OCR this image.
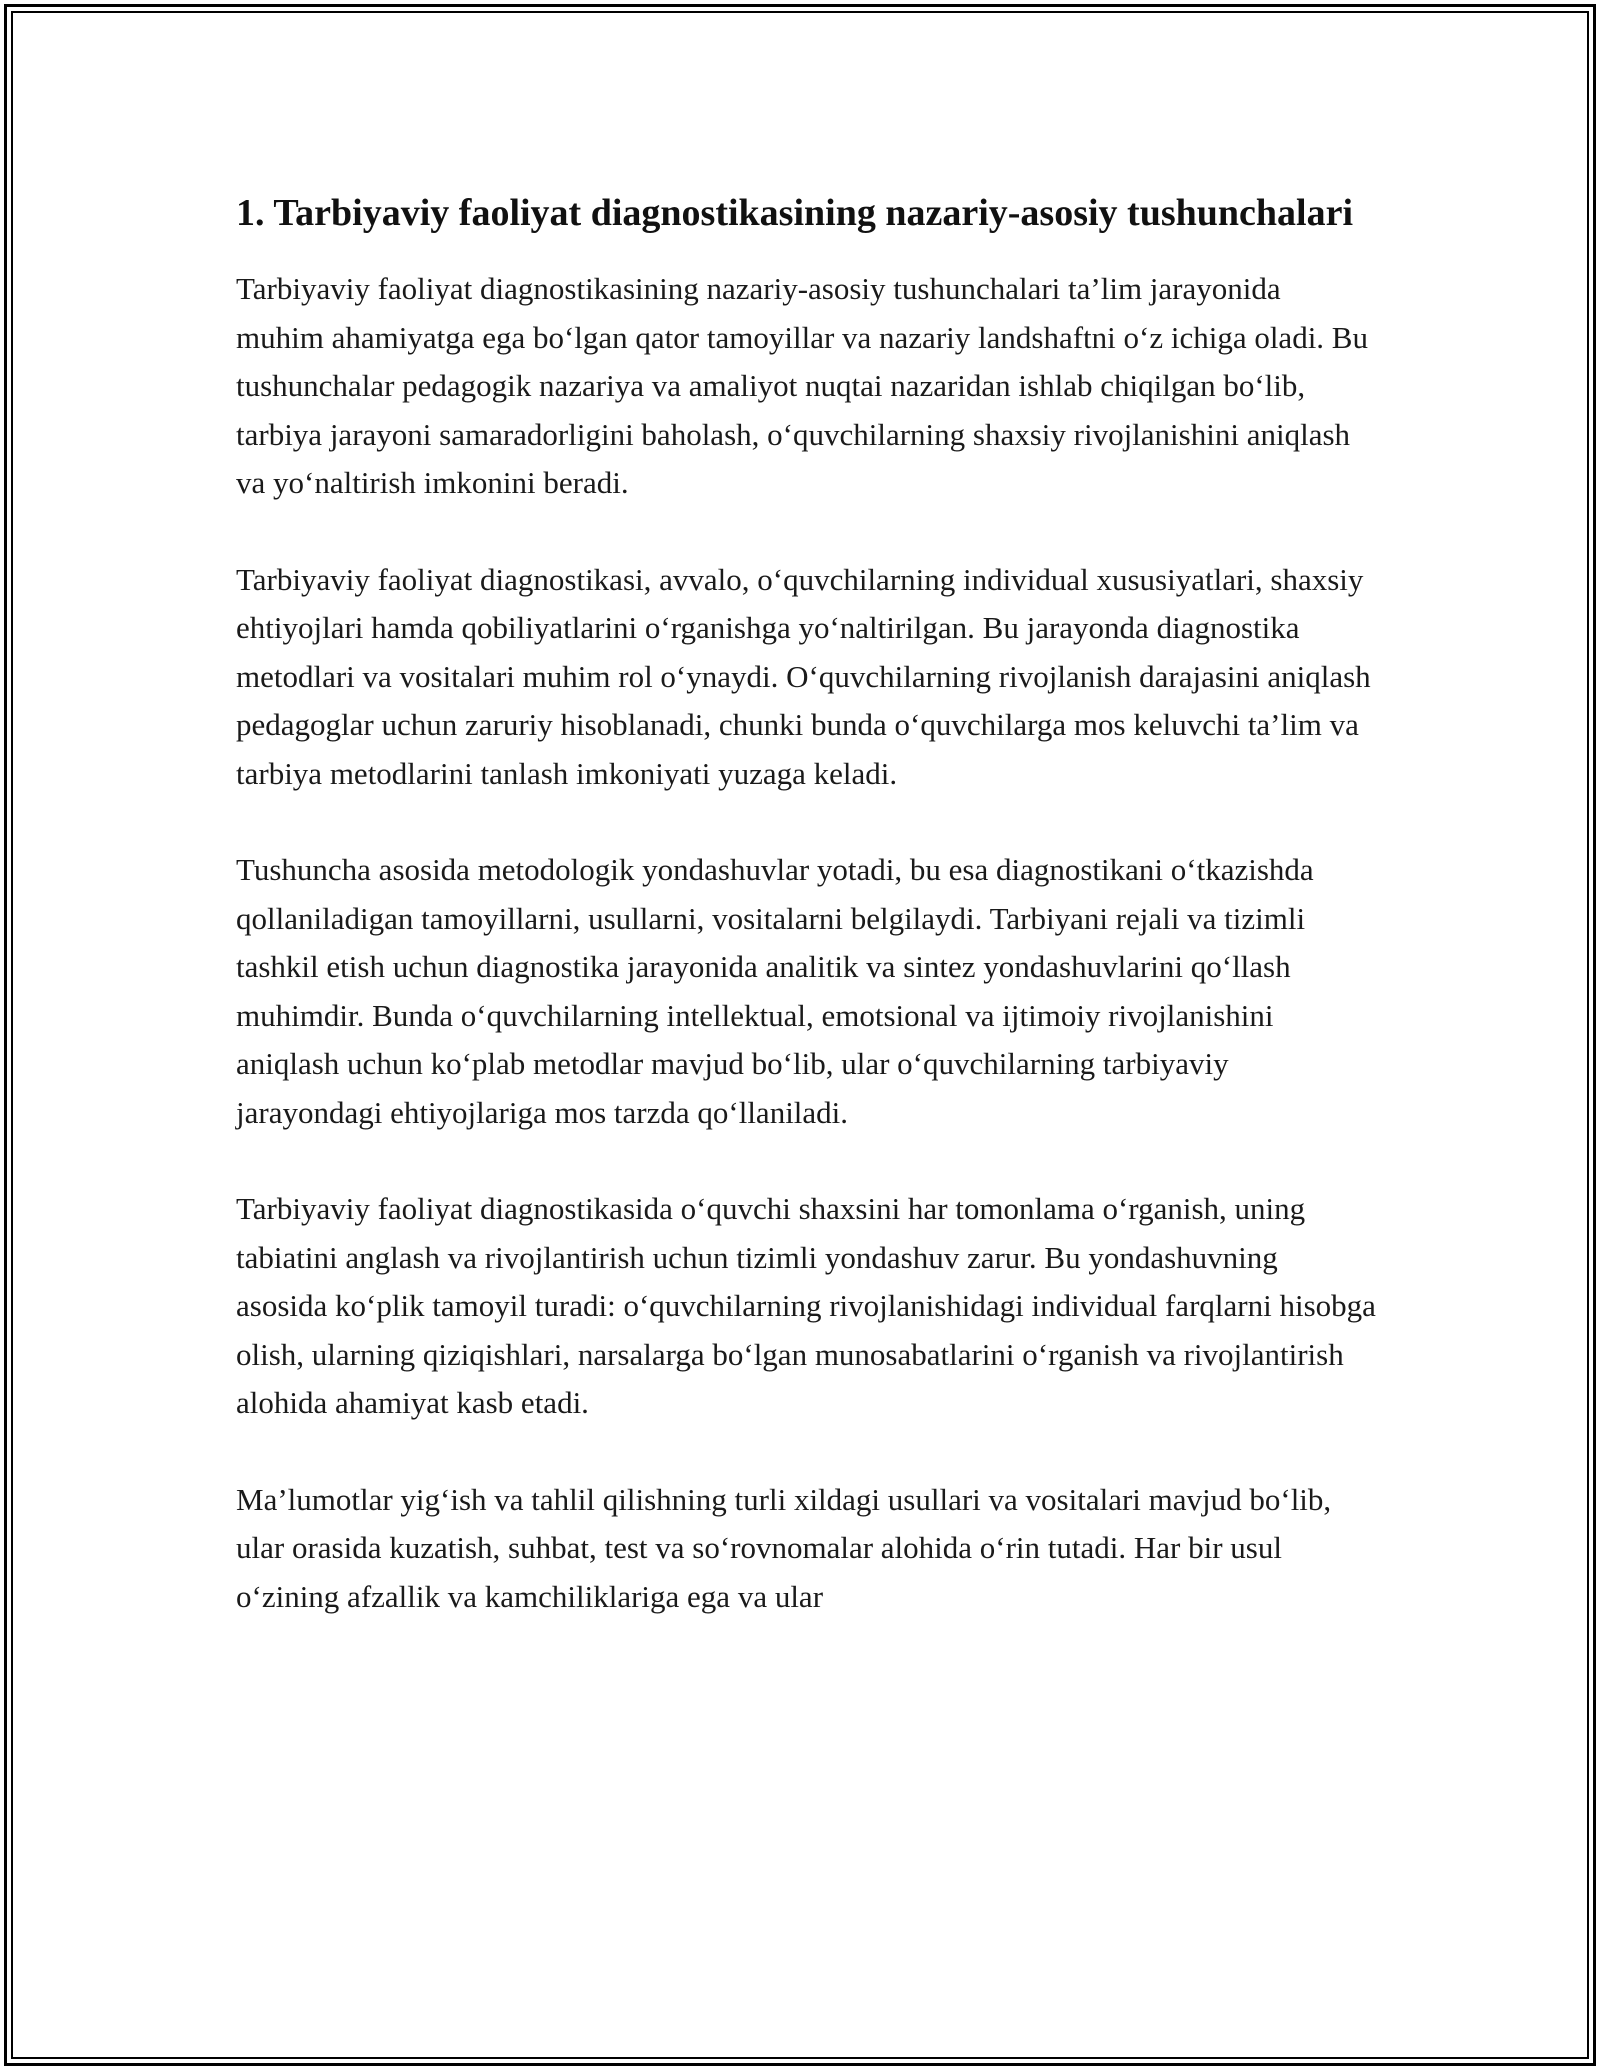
1. Tarbiyaviy faoliyat diagnostikasining nazariy-asosiy tushunchalari

Tarbiyaviy faoliyat diagnostikasining nazariy-asosiy tushunchalari ta’lim jarayonida muhim ahamiyatga ega bo‘lgan qator tamoyillar va nazariy landshaftni o‘z ichiga oladi. Bu tushunchalar pedagogik nazariya va amaliyot nuqtai nazaridan ishlab chiqilgan bo‘lib, tarbiya jarayoni samaradorligini baholash, o‘quvchilarning shaxsiy rivojlanishini aniqlash va yo‘naltirish imkonini beradi.

Tarbiyaviy faoliyat diagnostikasi, avvalo, o‘quvchilarning individual xususiyatlari, shaxsiy ehtiyojlari hamda qobiliyatlarini o‘rganishga yo‘naltirilgan. Bu jarayonda diagnostika metodlari va vositalari muhim rol o‘ynaydi. O‘quvchilarning rivojlanish darajasini aniqlash pedagoglar uchun zaruriy hisoblanadi, chunki bunda o‘quvchilarga mos keluvchi ta’lim va tarbiya metodlarini tanlash imkoniyati yuzaga keladi.

Tushuncha asosida metodologik yondashuvlar yotadi, bu esa diagnostikani o‘tkazishda qollaniladigan tamoyillarni, usullarni, vositalarni belgilaydi. Tarbiyani rejali va tizimli tashkil etish uchun diagnostika jarayonida analitik va sintez yondashuvlarini qo‘llash muhimdir. Bunda o‘quvchilarning intellektual, emotsional va ijtimoiy rivojlanishini aniqlash uchun ko‘plab metodlar mavjud bo‘lib, ular o‘quvchilarning tarbiyaviy jarayondagi ehtiyojlariga mos tarzda qo‘llaniladi.

Tarbiyaviy faoliyat diagnostikasida o‘quvchi shaxsini har tomonlama o‘rganish, uning tabiatini anglash va rivojlantirish uchun tizimli yondashuv zarur. Bu yondashuvning asosida ko‘plik tamoyil turadi: o‘quvchilarning rivojlanishidagi individual farqlarni hisobga olish, ularning qiziqishlari, narsalarga bo‘lgan munosabatlarini o‘rganish va rivojlantirish alohida ahamiyat kasb etadi.

Ma’lumotlar yig‘ish va tahlil qilishning turli xildagi usullari va vositalari mavjud bo‘lib, ular orasida kuzatish, suhbat, test va so‘rovnomalar alohida o‘rin tutadi. Har bir usul o‘zining afzallik va kamchiliklariga ega va ular
